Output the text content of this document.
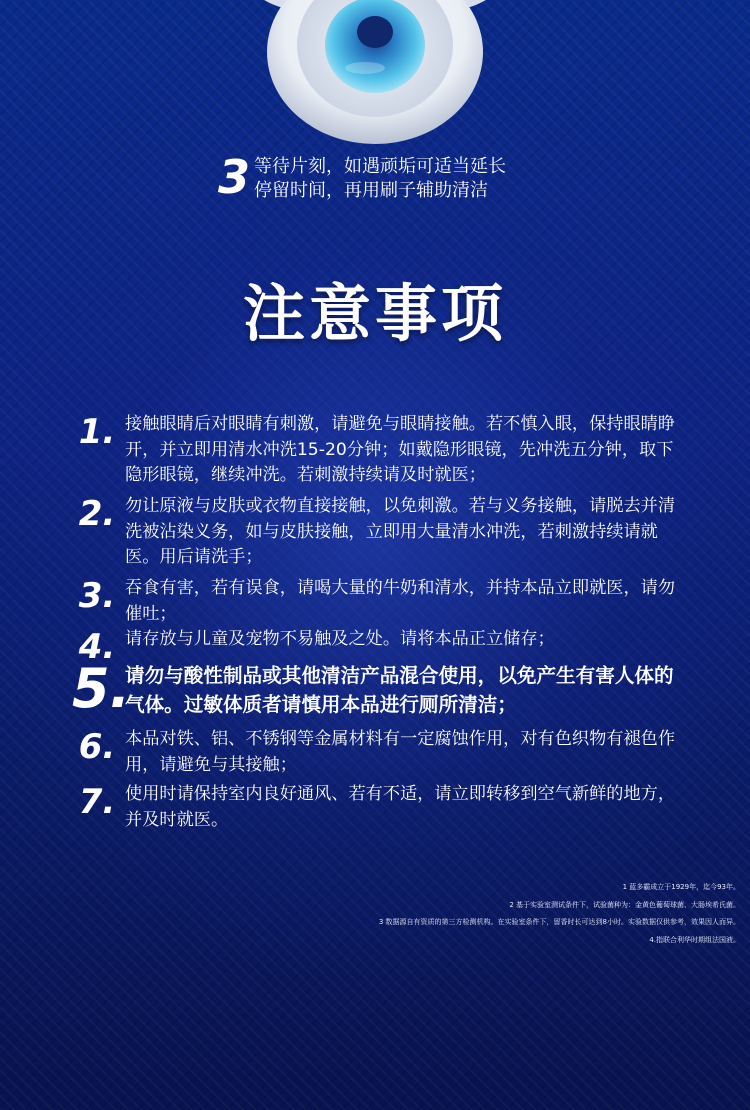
3 等待片刻，如遇顽垢可适当延长
停留时间，再用刷子辅助清洁
注意事项
1. 接触眼睛后对眼睛有刺激，请避免与眼睛接触。若不慎入眼，保持眼睛睁开，并立即用清水冲洗15-20分钟；如戴隐形眼镜，先冲洗五分钟，取下隐形眼镜，继续冲洗。若刺激持续请及时就医；
2. 勿让原液与皮肤或衣物直接接触，以免刺激。若与义务接触，请脱去并清洗被沾染义务，如与皮肤接触，立即用大量清水冲洗，若刺激持续请就医。用后请洗手；
3. 吞食有害，若有误食，请喝大量的牛奶和清水，并持本品立即就医，请勿催吐；
4. 请存放与儿童及宠物不易触及之处。请将本品正立储存；
5.
请勿与酸性制品或其他清洁产品混合使用，以免产生有害人体的气体。过敏体质者请慎用本品进行厕所清洁；
6. 本品对铁、铝、不锈钢等金属材料有一定腐蚀作用，对有色织物有褪色作用，请避免与其接触；
7. 使用时请保持室内良好通风、若有不适，请立即转移到空气新鲜的地方，并及时就医。
1 蓝多霸成立于1929年，迄今93年。
2 基于实验室测试条件下，试验菌种为：金黄色葡萄球菌、大肠埃希氏菌。
3 数据源自有资质的第三方检测机构。在实验室条件下，留香时长可达到8小时。实验数据仅供参考，效果因人而异。
4.指联合利华时期组法国液。
